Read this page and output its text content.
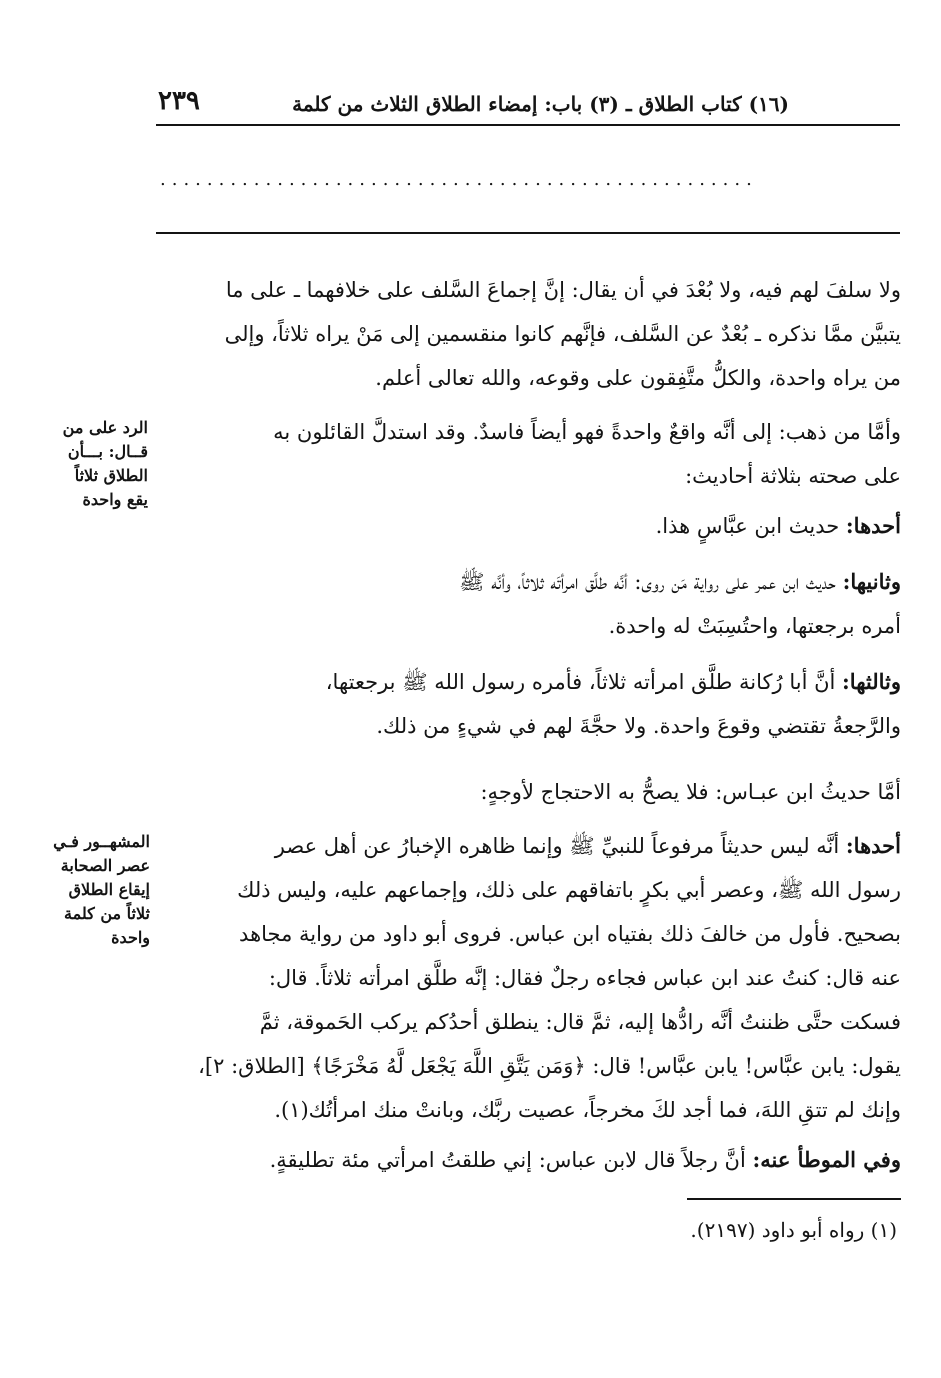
(١٦) كتاب الطلاق ـ (٣) باب: إمضاء الطلاق الثلاث من كلمة
٢٣٩
...................................................
ولا سلفَ لهم فيه، ولا بُعْدَ في أن يقال: إنَّ إجماعَ السَّلف على خلافهما ـ على ما
يتبيَّن ممَّا نذكره ـ بُعْدٌ عن السَّلف، فإنَّهم كانوا منقسمين إلى مَنْ يراه ثلاثاً، وإلى
من يراه واحدة، والكلُّ متَّفِقون على وقوعه، والله تعالى أعلم.
وأمَّا من ذهب: إلى أنَّه واقعٌ واحدةً فهو أيضاً فاسدٌ. وقد استدلَّ القائلون به
على صحته بثلاثة أحاديث:
أحدها: حديث ابن عبَّاسٍ هذا.
وثانيها: حديث ابن عمر على رواية مَن روى: أنَّه طلَّق امرأتَه ثلاثاً، وأنَّه ﷺ
أمره برجعتها، واحتُسِبَتْ له واحدة.
وثالثها: أنَّ أبا رُكانة طلَّق امرأته ثلاثاً، فأمره رسول الله ﷺ برجعتها،
والرَّجعةُ تقتضي وقوعَ واحدة. ولا حجَّةَ لهم في شيءٍ من ذلك.
أمَّا حديثُ ابن عبـاس: فلا يصحُّ به الاحتجاج لأوجهٍ:
أحدها: أنَّه ليس حديثاً مرفوعاً للنبيِّ ﷺ وإنما ظاهره الإخبارُ عن أهل عصر
رسول الله ﷺ، وعصر أبي بكرٍ باتفاقهم على ذلك، وإجماعهم عليه، وليس ذلك
بصحيح. فأول من خالفَ ذلك بفتياه ابن عباس. فروى أبو داود من رواية مجاهد
عنه قال: كنتُ عند ابن عباس فجاءه رجلٌ فقال: إنَّه طلَّق امرأته ثلاثاً. قال:
فسكت حتَّى ظننتُ أنَّه رادُّها إليه، ثمَّ قال: ينطلق أحدُكم يركب الحَموقة، ثمَّ
يقول: يابن عبَّاس! يابن عبَّاس! قال: ﴿وَمَن يَتَّقِ اللَّهَ يَجْعَل لَّهُ مَخْرَجًا﴾ [الطلاق: ٢]،
وإنك لم تتقِ اللهَ، فما أجد لكَ مخرجاً، عصيت ربَّك، وبانتْ منك امرأتُك(١).
وفي الموطأ عنه: أنَّ رجلاً قال لابن عباس: إني طلقتُ امرأتي مئة تطليقةٍ.
الرد على من
قــال: بـــأن
الطلاق ثلاثاً
يقع واحدة
المشهــور فـي
عصر الصحابة
إيقاع الطلاق
ثلاثاً من كلمة
واحدة
(١) رواه أبو داود (٢١٩٧).
